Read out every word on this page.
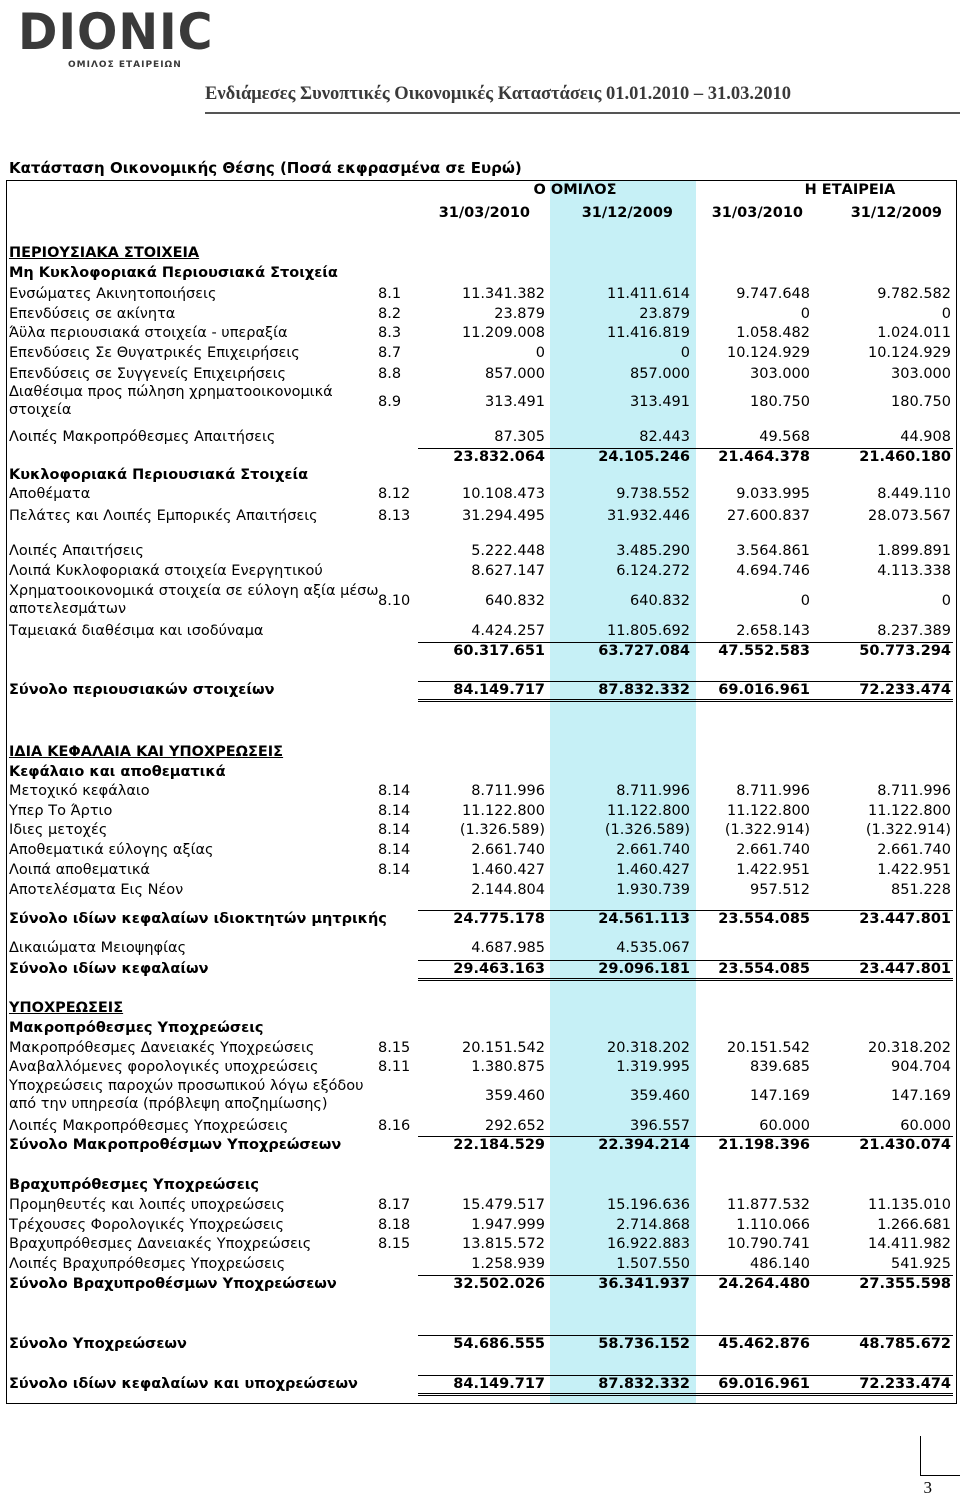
DIONIC
ΟΜΙΛΟΣ ΕΤΑΙΡΕΙΩΝ
Ενδιάμεσες Συνοπτικές Οικονομικές Καταστάσεις 01.01.2010 – 31.03.2010
Κατάσταση Οικονομικής Θέσης (Ποσά εκφρασμένα σε Ευρώ)
Ο ΟΜΙΛΟΣ	Η ΕΤΑΙΡΕΙΑ
31/03/2010	31/12/2009	31/03/2010	31/12/2009
ΠΕΡΙΟΥΣΙΑΚΑ ΣΤΟΙΧΕΙΑ
Μη Κυκλοφοριακά Περιουσιακά Στοιχεία
Ενσώματες Ακινητοποιήσεις	8.1	11.341.382	11.411.614	9.747.648	9.782.582
Επενδύσεις σε ακίνητα	8.2	23.879	23.879	0	0
Άϋλα περιουσιακά στοιχεία - υπεραξία	8.3	11.209.008	11.416.819	1.058.482	1.024.011
Επενδύσεις Σε Θυγατρικές Επιχειρήσεις	8.7	0	0	10.124.929	10.124.929
Επενδύσεις σε Συγγενείς Επιχειρήσεις	8.8	857.000	857.000	303.000	303.000
Διαθέσιμα προς πώληση χρηματοοικονομικά
στοιχεία	8.9	313.491	313.491	180.750	180.750
Λοιπές Μακροπρόθεσμες Απαιτήσεις	87.305	82.443	49.568	44.908
23.832.064	24.105.246	21.464.378	21.460.180
Κυκλοφοριακά Περιουσιακά Στοιχεία
Αποθέματα	8.12	10.108.473	9.738.552	9.033.995	8.449.110
Πελάτες και Λοιπές Εμπορικές Απαιτήσεις	8.13	31.294.495	31.932.446	27.600.837	28.073.567
Λοιπές Απαιτήσεις	5.222.448	3.485.290	3.564.861	1.899.891
Λοιπά Κυκλοφοριακά στοιχεία Ενεργητικού	8.627.147	6.124.272	4.694.746	4.113.338
Χρηματοοικονομικά στοιχεία σε εύλογη αξία μέσω
αποτελεσμάτων	8.10	640.832	640.832	0	0
Ταμειακά διαθέσιμα και ισοδύναμα	4.424.257	11.805.692	2.658.143	8.237.389
60.317.651	63.727.084	47.552.583	50.773.294
Σύνολο περιουσιακών στοιχείων	84.149.717	87.832.332	69.016.961	72.233.474
ΙΔΙΑ ΚΕΦΑΛΑΙΑ ΚΑΙ ΥΠΟΧΡΕΩΣΕΙΣ
Κεφάλαιο και αποθεματικά
Μετοχικό κεφάλαιο	8.14	8.711.996	8.711.996	8.711.996	8.711.996
Υπερ Το Άρτιο	8.14	11.122.800	11.122.800	11.122.800	11.122.800
Ιδιες μετοχές	8.14	(1.326.589)	(1.326.589)	(1.322.914)	(1.322.914)
Αποθεματικά εύλογης αξίας	8.14	2.661.740	2.661.740	2.661.740	2.661.740
Λοιπά αποθεματικά	8.14	1.460.427	1.460.427	1.422.951	1.422.951
Αποτελέσματα Εις Νέον	2.144.804	1.930.739	957.512	851.228
Σύνολο ιδίων κεφαλαίων ιδιοκτητών μητρικής	24.775.178	24.561.113	23.554.085	23.447.801
Δικαιώματα Μειοψηφίας	4.687.985	4.535.067
Σύνολο ιδίων κεφαλαίων	29.463.163	29.096.181	23.554.085	23.447.801
ΥΠΟΧΡΕΩΣΕΙΣ
Μακροπρόθεσμες Υποχρεώσεις
Μακροπρόθεσμες Δανειακές Υποχρεώσεις	8.15	20.151.542	20.318.202	20.151.542	20.318.202
Αναβαλλόμενες φορολογικές υποχρεώσεις	8.11	1.380.875	1.319.995	839.685	904.704
Υποχρεώσεις παροχών προσωπικού λόγω εξόδου
από την υπηρεσία (πρόβλεψη αποζημίωσης)	359.460	359.460	147.169	147.169
Λοιπές Μακροπρόθεσμες Υποχρεώσεις	8.16	292.652	396.557	60.000	60.000
Σύνολο Μακροπροθέσμων Υποχρεώσεων	22.184.529	22.394.214	21.198.396	21.430.074
Βραχυπρόθεσμες Υποχρεώσεις
Προμηθευτές και λοιπές υποχρεώσεις	8.17	15.479.517	15.196.636	11.877.532	11.135.010
Τρέχουσες Φορολογικές Υποχρεώσεις	8.18	1.947.999	2.714.868	1.110.066	1.266.681
Βραχυπρόθεσμες Δανειακές Υποχρεώσεις	8.15	13.815.572	16.922.883	10.790.741	14.411.982
Λοιπές Βραχυπρόθεσμες Υποχρεώσεις	1.258.939	1.507.550	486.140	541.925
Σύνολο Βραχυπροθέσμων Υποχρεώσεων	32.502.026	36.341.937	24.264.480	27.355.598
Σύνολο Υποχρεώσεων	54.686.555	58.736.152	45.462.876	48.785.672
Σύνολο ιδίων κεφαλαίων και υποχρεώσεων	84.149.717	87.832.332	69.016.961	72.233.474
3
